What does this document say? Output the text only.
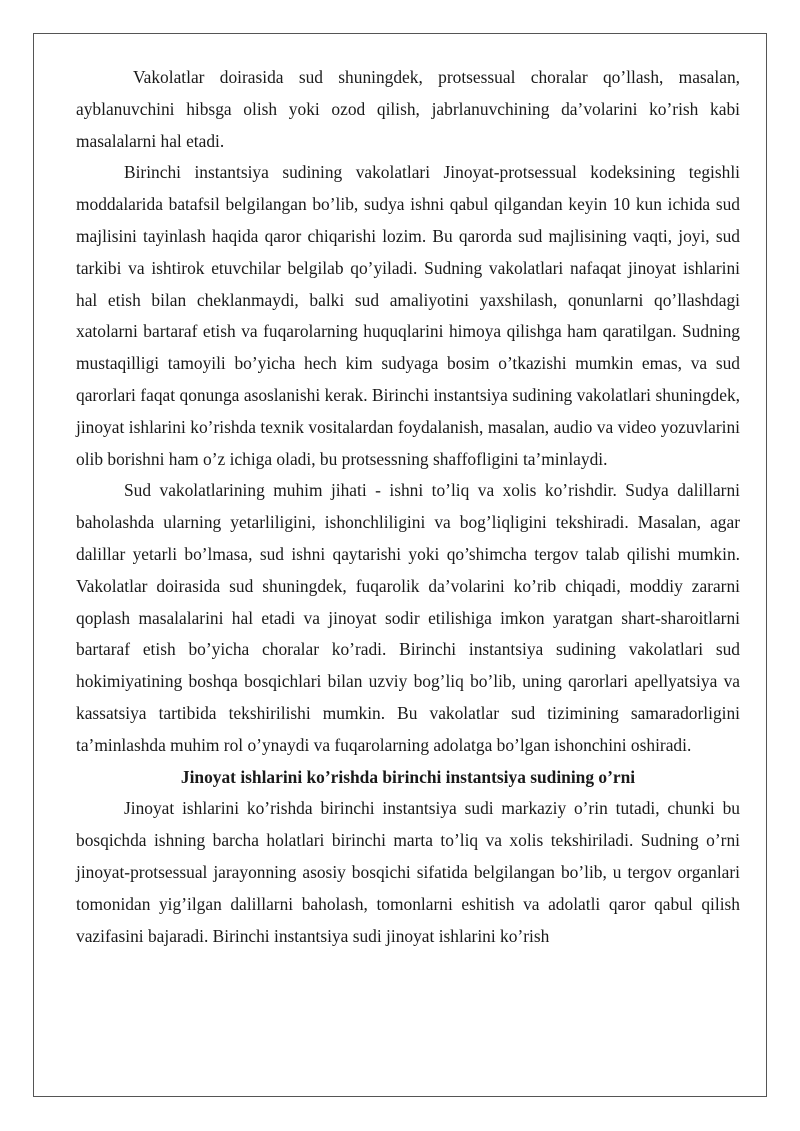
Vakolatlar doirasida sud shuningdek, protsessual choralar qo’llash, masalan, ayblanuvchini hibsga olish yoki ozod qilish, jabrlanuvchining da’volarini ko’rish kabi masalalarni hal etadi.

Birinchi instantsiya sudining vakolatlari Jinoyat-protsessual kodeksining tegishli moddalarida batafsil belgilangan bo’lib, sudya ishni qabul qilgandan keyin 10 kun ichida sud majlisini tayinlash haqida qaror chiqarishi lozim. Bu qarorda sud majlisining vaqti, joyi, sud tarkibi va ishtirok etuvchilar belgilab qo’yiladi. Sudning vakolatlari nafaqat jinoyat ishlarini hal etish bilan cheklanmaydi, balki sud amaliyotini yaxshilash, qonunlarni qo’llashdagi xatolarni bartaraf etish va fuqarolarning huquqlarini himoya qilishga ham qaratilgan. Sudning mustaqilligi tamoyili bo’yicha hech kim sudyaga bosim o’tkazishi mumkin emas, va sud qarorlari faqat qonunga asoslanishi kerak. Birinchi instantsiya sudining vakolatlari shuningdek, jinoyat ishlarini ko’rishda texnik vositalardan foydalanish, masalan, audio va video yozuvlarini olib borishni ham o’z ichiga oladi, bu protsessning shaffofligini ta’minlaydi.

Sud vakolatlarining muhim jihati - ishni to’liq va xolis ko’rishdir. Sudya dalillarni baholashda ularning yetarliligini, ishonchliligini va bog’liqligini tekshiradi. Masalan, agar dalillar yetarli bo’lmasa, sud ishni qaytarishi yoki qo’shimcha tergov talab qilishi mumkin. Vakolatlar doirasida sud shuningdek, fuqarolik da’volarini ko’rib chiqadi, moddiy zararni qoplash masalalarini hal etadi va jinoyat sodir etilishiga imkon yaratgan shart-sharoitlarni bartaraf etish bo’yicha choralar ko’radi. Birinchi instantsiya sudining vakolatlari sud hokimiyatining boshqa bosqichlari bilan uzviy bog’liq bo’lib, uning qarorlari apellyatsiya va kassatsiya tartibida tekshirilishi mumkin. Bu vakolatlar sud tizimining samaradorligini ta’minlashda muhim rol o’ynaydi va fuqarolarning adolatga bo’lgan ishonchini oshiradi.

Jinoyat ishlarini ko’rishda birinchi instantsiya sudining o’rni

Jinoyat ishlarini ko’rishda birinchi instantsiya sudi markaziy o’rin tutadi, chunki bu bosqichda ishning barcha holatlari birinchi marta to’liq va xolis tekshiriladi. Sudning o’rni jinoyat-protsessual jarayonning asosiy bosqichi sifatida belgilangan bo’lib, u tergov organlari tomonidan yig’ilgan dalillarni baholash, tomonlarni eshitish va adolatli qaror qabul qilish vazifasini bajaradi. Birinchi instantsiya sudi jinoyat ishlarini ko’rish
